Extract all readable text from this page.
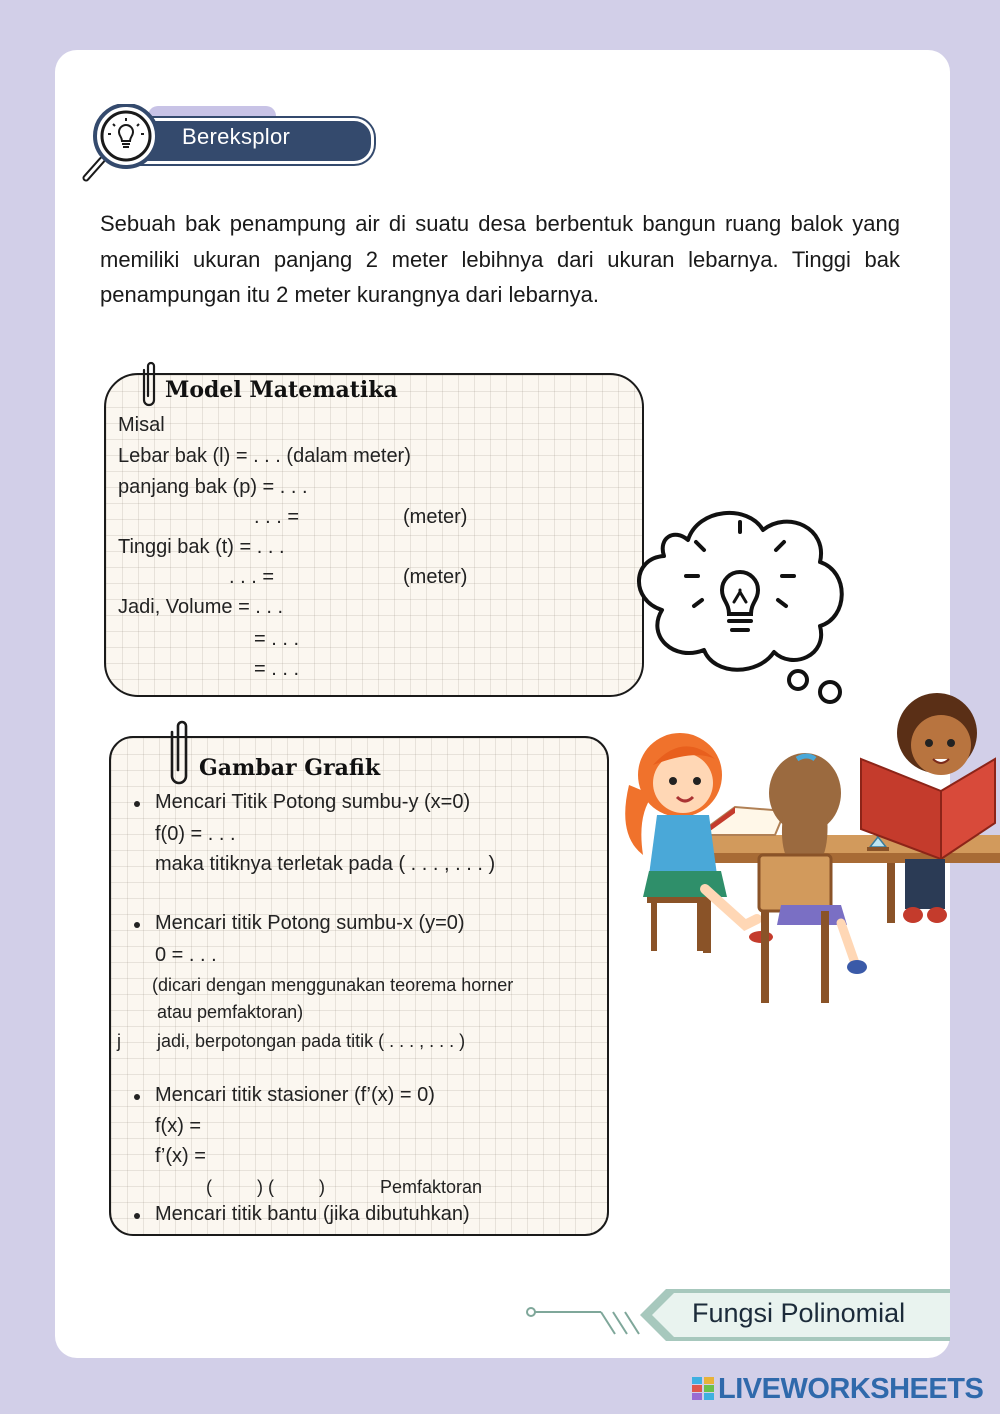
Bereksplor

Sebuah bak penampung air di suatu desa berbentuk bangun ruang balok yang memiliki ukuran panjang 2 meter lebihnya dari ukuran lebarnya. Tinggi bak penampungan itu 2 meter kurangnya dari lebarnya.

Model Matematika
Misal
Lebar bak (l) = . . . (dalam meter)
panjang bak (p) = . . .
. . . =	(meter)
Tinggi bak (t) = . . .
. . . =	(meter)
Jadi, Volume = . . .
= . . .
= . . .
Gambar Grafik
Mencari Titik Potong sumbu-y (x=0)
f(0) = . . .
maka titiknya terletak pada ( . . . , . . . )
Mencari titik Potong sumbu-x (y=0)
0 = . . .
(dicari dengan menggunakan teorema horner
atau pemfaktoran)
j jadi, berpotongan pada titik ( . . . , . . . )
Mencari titik stasioner (f’(x) = 0)
f(x) =
f’(x) =
(         ) (         )	Pemfaktoran
Mencari titik bantu (jika dibutuhkan)
Fungsi Polinomial
LIVEWORKSHEETS
